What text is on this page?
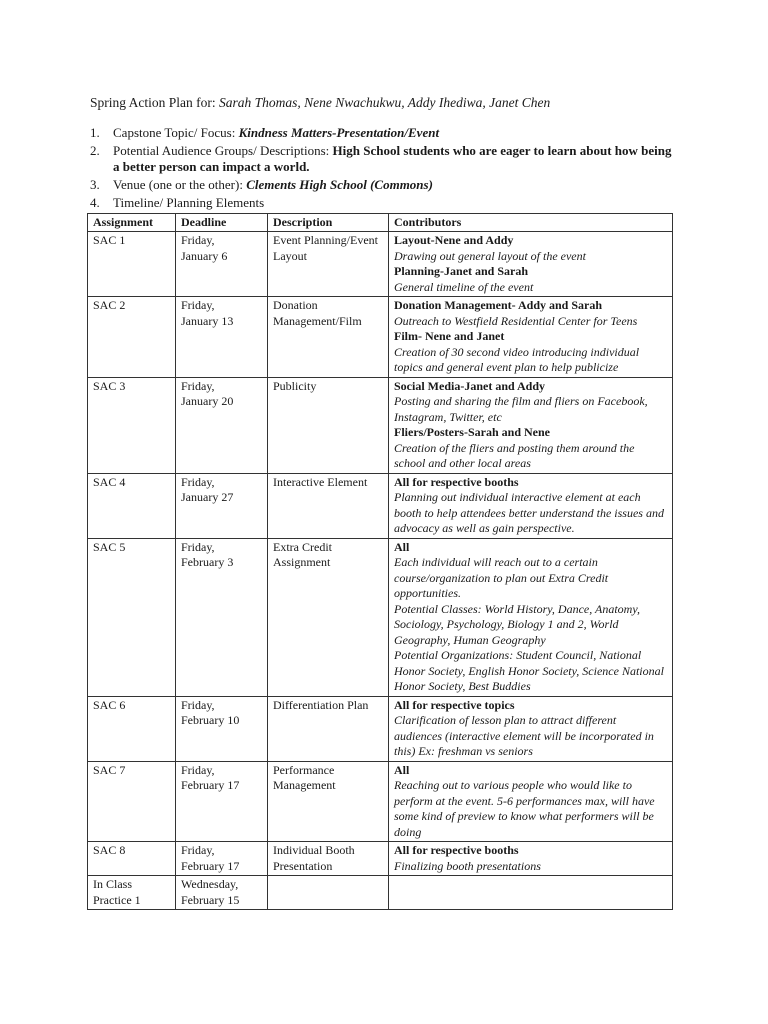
Spring Action Plan for: Sarah Thomas, Nene Nwachukwu, Addy Ihediwa, Janet Chen
1. Capstone Topic/ Focus: Kindness Matters-Presentation/Event
2. Potential Audience Groups/ Descriptions: High School students who are eager to learn about how being a better person can impact a world.
3. Venue (one or the other): Clements High School (Commons)
4. Timeline/ Planning Elements
Assignment	Deadline	Description	Contributors
SAC 1	Friday,
January 6	Event Planning/Event Layout	Layout-Nene and Addy
Drawing out general layout of the event
Planning-Janet and Sarah
General timeline of the event

SAC 2	Friday,
January 13	Donation Management/Film	Donation Management- Addy and Sarah
Outreach to Westfield Residential Center for Teens
Film- Nene and Janet
Creation of 30 second video introducing individual topics and general event plan to help publicize

SAC 3	Friday,
January 20	Publicity	Social Media-Janet and Addy
Posting and sharing the film and fliers on Facebook, Instagram, Twitter, etc
Fliers/Posters-Sarah and Nene
Creation of the fliers and posting them around the school and other local areas

SAC 4	Friday,
January 27	Interactive Element	All for respective booths
Planning out individual interactive element at each booth to help attendees better understand the issues and advocacy as well as gain perspective.

SAC 5	Friday,
February 3	Extra Credit Assignment	All
Each individual will reach out to a certain course/organization to plan out Extra Credit opportunities.
Potential Classes: World History, Dance, Anatomy, Sociology, Psychology, Biology 1 and 2, World Geography, Human Geography
Potential Organizations: Student Council, National Honor Society, English Honor Society, Science National Honor Society, Best Buddies

SAC 6	Friday,
February 10	Differentiation Plan	All for respective topics
Clarification of lesson plan to attract different audiences (interactive element will be incorporated in this) Ex: freshman vs seniors

SAC 7	Friday,
February 17	Performance Management	All
Reaching out to various people who would like to perform at the event. 5-6 performances max, will have some kind of preview to know what performers will be doing

SAC 8	Friday,
February 17	Individual Booth Presentation	All for respective booths
Finalizing booth presentations

In Class Practice 1	Wednesday,
February 15		
